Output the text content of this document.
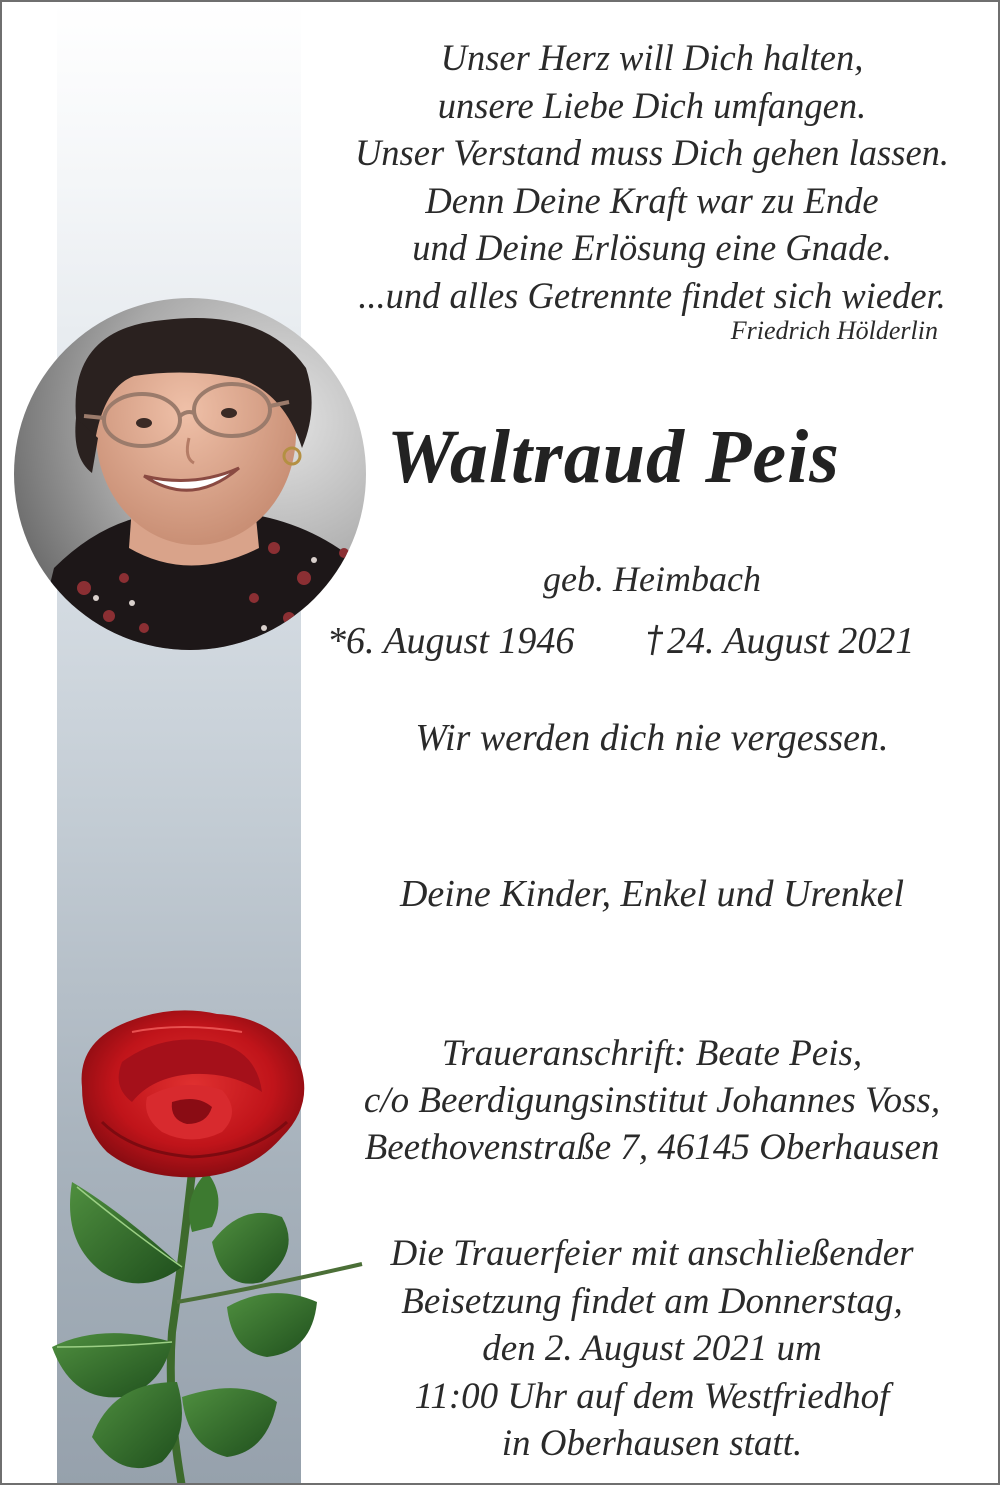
Unser Herz will Dich halten,
unsere Liebe Dich umfangen.
Unser Verstand muss Dich gehen lassen.
Denn Deine Kraft war zu Ende
und Deine Erlösung eine Gnade.
...und alles Getrennte findet sich wieder.
Friedrich Hölderlin
Waltraud Peis
geb. Heimbach
*6. August 1946	24. August 2021
Wir werden dich nie vergessen.
Deine Kinder, Enkel und Urenkel
Traueranschrift: Beate Peis,
c/o Beerdigungsinstitut Johannes Voss,
Beethovenstraße 7, 46145 Oberhausen
Die Trauerfeier mit anschließender
Beisetzung findet am Donnerstag,
den 2. August 2021 um
11:00 Uhr auf dem Westfriedhof
in Oberhausen statt.
